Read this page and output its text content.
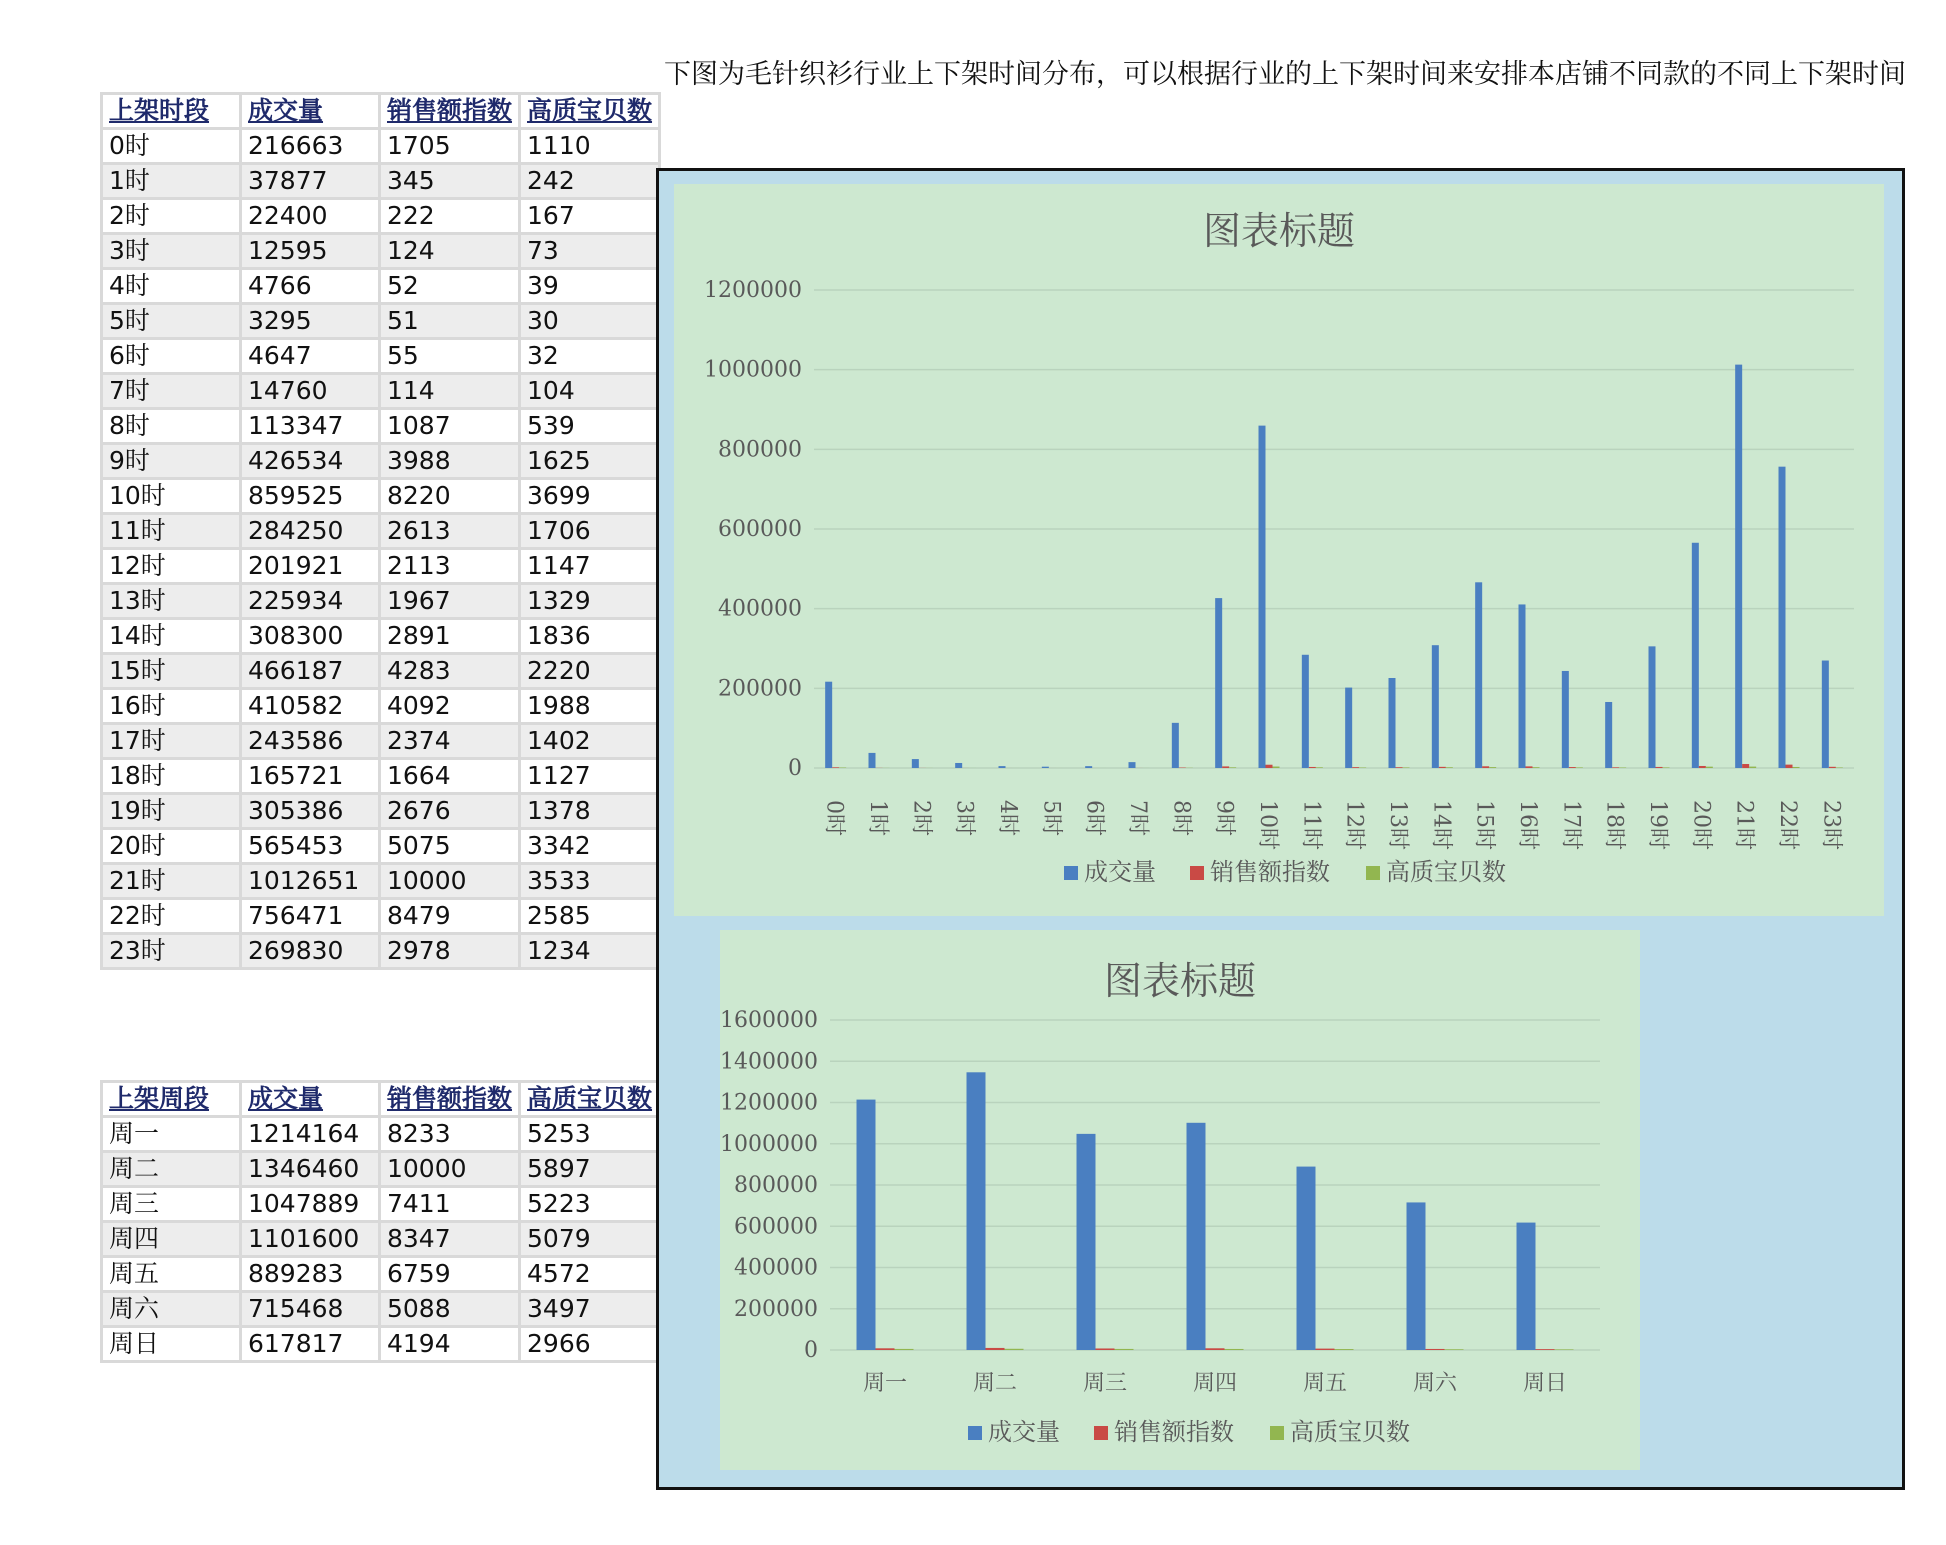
上架时段	成交量	销售额指数	高质宝贝数
0时	216663	1705	1110
1时	37877	345	242
2时	22400	222	167
3时	12595	124	73
4时	4766	52	39
5时	3295	51	30
6时	4647	55	32
7时	14760	114	104
8时	113347	1087	539
9时	426534	3988	1625
10时	859525	8220	3699
11时	284250	2613	1706
12时	201921	2113	1147
13时	225934	1967	1329
14时	308300	2891	1836
15时	466187	4283	2220
16时	410582	4092	1988
17时	243586	2374	1402
18时	165721	1664	1127
19时	305386	2676	1378
20时	565453	5075	3342
21时	1012651	10000	3533
22时	756471	8479	2585
23时	269830	2978	1234
上架周段	成交量	销售额指数	高质宝贝数
周一	1214164	8233	5253
周二	1346460	10000	5897
周三	1047889	7411	5223
周四	1101600	8347	5079
周五	889283	6759	4572
周六	715468	5088	3497
周日	617817	4194	2966
下图为毛针织衫行业上下架时间分布，可以根据行业的上下架时间来安排本店铺不同款的不同上下架时间
图表标题
0
200000
400000
600000
800000
1000000
1200000
0时 1时 2时 3时 4时 5时 6时 7时 8时 9时 10时 11时 12时 13时 14时 15时 16时 17时 18时 19时 20时 21时 22时 23时
成交量 销售额指数 高质宝贝数
图表标题
0
200000
400000
600000
800000
1000000
1200000
1400000
1600000
周一	周二	周三	周四	周五	周六	周日
成交量 销售额指数 高质宝贝数
